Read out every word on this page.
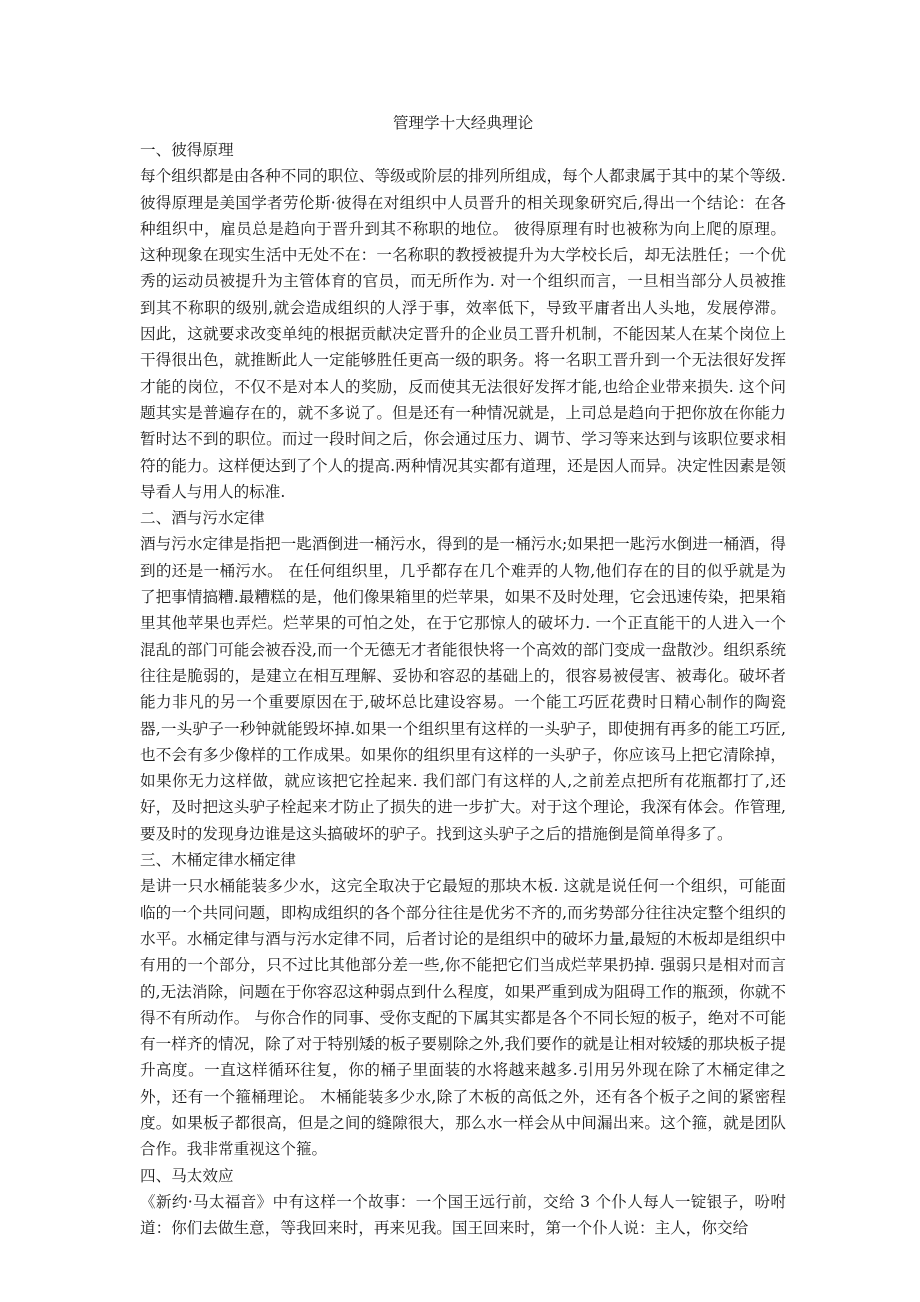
管理学十大经典理论
一、彼得原理
每个组织都是由各种不同的职位、等级或阶层的排列所组成，每个人都隶属于其中的某个等级. 彼得原理是美国学者劳伦斯·彼得在对组织中人员晋升的相关现象研究后,得出一个结论：在各种组织中，雇员总是趋向于晋升到其不称职的地位。 彼得原理有时也被称为向上爬的原理。 这种现象在现实生活中无处不在：一名称职的教授被提升为大学校长后，却无法胜任；一个优秀的运动员被提升为主管体育的官员，而无所作为. 对一个组织而言，一旦相当部分人员被推到其不称职的级别,就会造成组织的人浮于事，效率低下，导致平庸者出人头地，发展停滞。 因此，这就要求改变单纯的根据贡献决定晋升的企业员工晋升机制，不能因某人在某个岗位上干得很出色，就推断此人一定能够胜任更高一级的职务。将一名职工晋升到一个无法很好发挥才能的岗位，不仅不是对本人的奖励，反而使其无法很好发挥才能,也给企业带来损失. 这个问题其实是普遍存在的，就不多说了。但是还有一种情况就是，上司总是趋向于把你放在你能力暂时达不到的职位。而过一段时间之后，你会通过压力、调节、学习等来达到与该职位要求相符的能力。这样便达到了个人的提高.两种情况其实都有道理，还是因人而异。决定性因素是领导看人与用人的标准.
二、酒与污水定律
酒与污水定律是指把一匙酒倒进一桶污水，得到的是一桶污水;如果把一匙污水倒进一桶酒，得到的还是一桶污水。 在任何组织里，几乎都存在几个难弄的人物,他们存在的目的似乎就是为了把事情搞糟.最糟糕的是，他们像果箱里的烂苹果，如果不及时处理，它会迅速传染，把果箱里其他苹果也弄烂。烂苹果的可怕之处，在于它那惊人的破坏力. 一个正直能干的人进入一个混乱的部门可能会被吞没,而一个无德无才者能很快将一个高效的部门变成一盘散沙。组织系统往往是脆弱的，是建立在相互理解、妥协和容忍的基础上的，很容易被侵害、被毒化。破坏者能力非凡的另一个重要原因在于,破坏总比建设容易。一个能工巧匠花费时日精心制作的陶瓷器,一头驴子一秒钟就能毁坏掉.如果一个组织里有这样的一头驴子，即使拥有再多的能工巧匠,也不会有多少像样的工作成果。如果你的组织里有这样的一头驴子，你应该马上把它清除掉，如果你无力这样做，就应该把它拴起来. 我们部门有这样的人,之前差点把所有花瓶都打了,还好，及时把这头驴子栓起来才防止了损失的进一步扩大。对于这个理论，我深有体会。作管理,要及时的发现身边谁是这头搞破坏的驴子。找到这头驴子之后的措施倒是简单得多了。
三、木桶定律水桶定律
是讲一只水桶能装多少水，这完全取决于它最短的那块木板. 这就是说任何一个组织，可能面临的一个共同问题，即构成组织的各个部分往往是优劣不齐的,而劣势部分往往决定整个组织的水平。水桶定律与酒与污水定律不同，后者讨论的是组织中的破坏力量,最短的木板却是组织中有用的一个部分，只不过比其他部分差一些,你不能把它们当成烂苹果扔掉. 强弱只是相对而言的,无法消除，问题在于你容忍这种弱点到什么程度，如果严重到成为阻碍工作的瓶颈，你就不得不有所动作。 与你合作的同事、受你支配的下属其实都是各个不同长短的板子，绝对不可能有一样齐的情况，除了对于特别矮的板子要剔除之外,我们要作的就是让相对较矮的那块板子提升高度。一直这样循环往复，你的桶子里面装的水将越来越多.引用另外现在除了木桶定律之外，还有一个箍桶理论。 木桶能装多少水,除了木板的高低之外，还有各个板子之间的紧密程度。如果板子都很高，但是之间的缝隙很大，那么水一样会从中间漏出来。这个箍，就是团队合作。我非常重视这个箍。
四、马太效应
《新约·马太福音》中有这样一个故事：一个国王远行前，交给 3 个仆人每人一锭银子，吩咐道：你们去做生意，等我回来时，再来见我。国王回来时，第一个仆人说：主人，你交给
